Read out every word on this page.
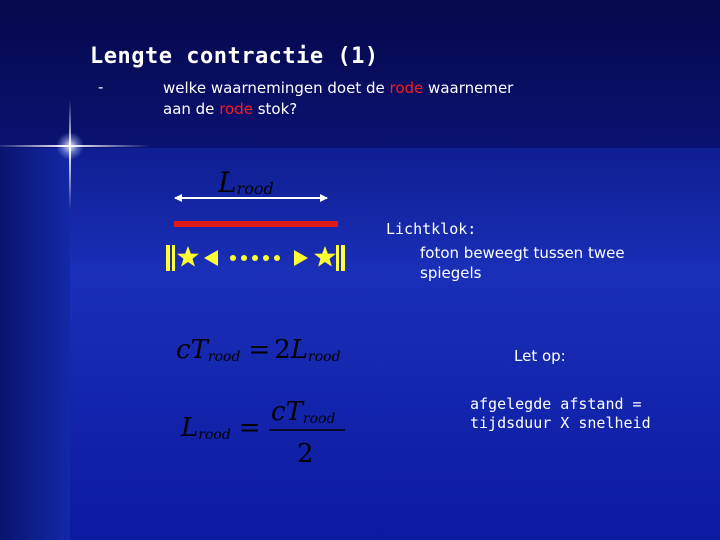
Lengte contractie (1)
-	welke waarnemingen doet de rode waarnemer
aan de rode stok?
Lrood
cTrood = 2Lrood
Lrood =
cTrood
2
Lichtklok:
foton beweegt tussen twee
spiegels
Let op:
afgelegde afstand =
tijdsduur X snelheid
